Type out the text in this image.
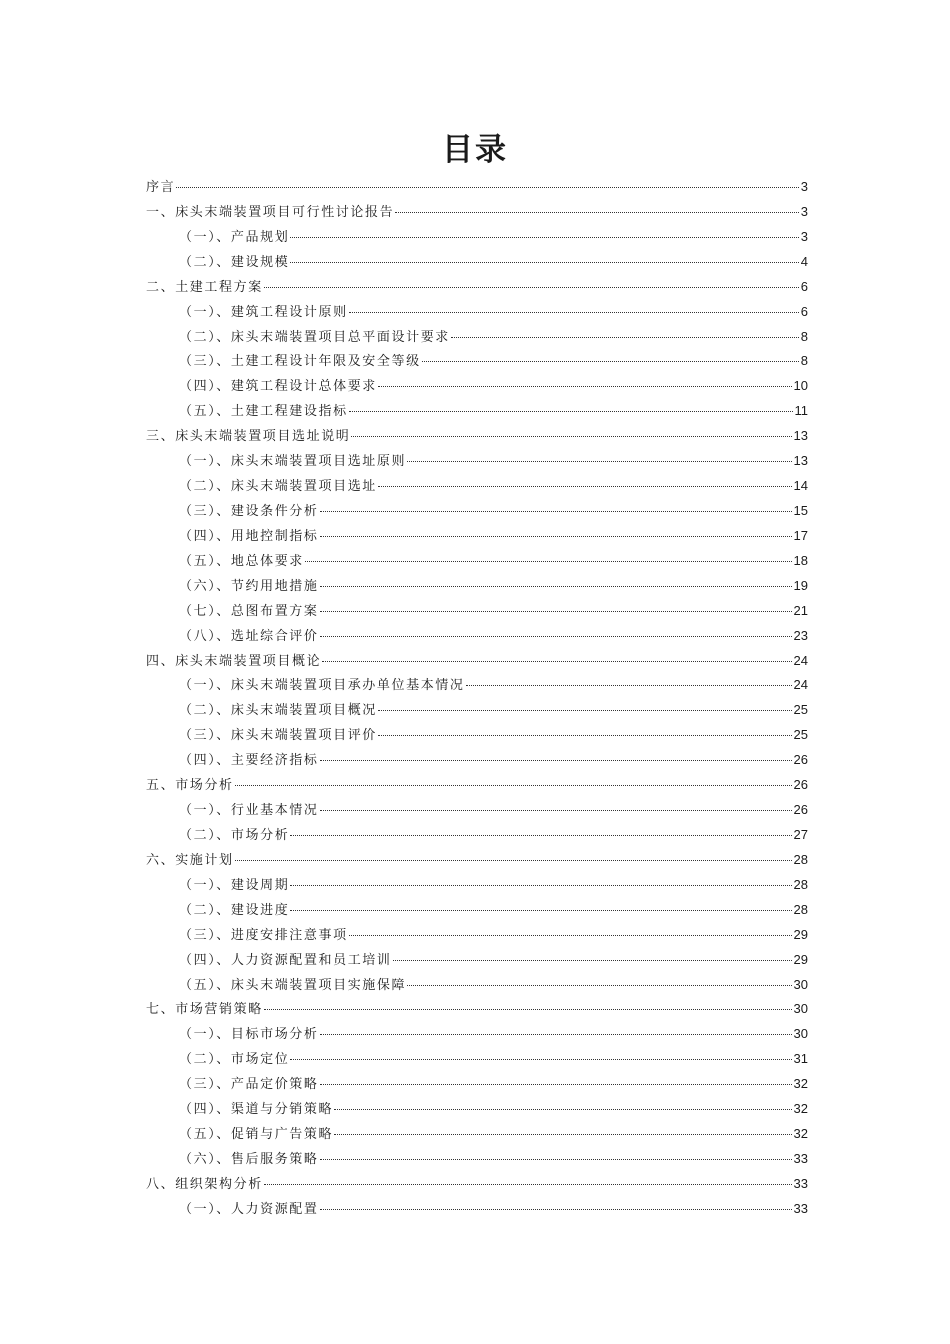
目录
序言	3
一、床头末端装置项目可行性讨论报告	3
（一）、产品规划	3
（二）、建设规模	4
二、土建工程方案	6
（一）、建筑工程设计原则	6
（二）、床头末端装置项目总平面设计要求	8
（三）、土建工程设计年限及安全等级	8
（四）、建筑工程设计总体要求	10
（五）、土建工程建设指标	11
三、床头末端装置项目选址说明	13
（一）、床头末端装置项目选址原则	13
（二）、床头末端装置项目选址	14
（三）、建设条件分析	15
（四）、用地控制指标	17
（五）、地总体要求	18
（六）、节约用地措施	19
（七）、总图布置方案	21
（八）、选址综合评价	23
四、床头末端装置项目概论	24
（一）、床头末端装置项目承办单位基本情况	24
（二）、床头末端装置项目概况	25
（三）、床头末端装置项目评价	25
（四）、主要经济指标	26
五、市场分析	26
（一）、行业基本情况	26
（二）、市场分析	27
六、实施计划	28
（一）、建设周期	28
（二）、建设进度	28
（三）、进度安排注意事项	29
（四）、人力资源配置和员工培训	29
（五）、床头末端装置项目实施保障	30
七、市场营销策略	30
（一）、目标市场分析	30
（二）、市场定位	31
（三）、产品定价策略	32
（四）、渠道与分销策略	32
（五）、促销与广告策略	32
（六）、售后服务策略	33
八、组织架构分析	33
（一）、人力资源配置	33
